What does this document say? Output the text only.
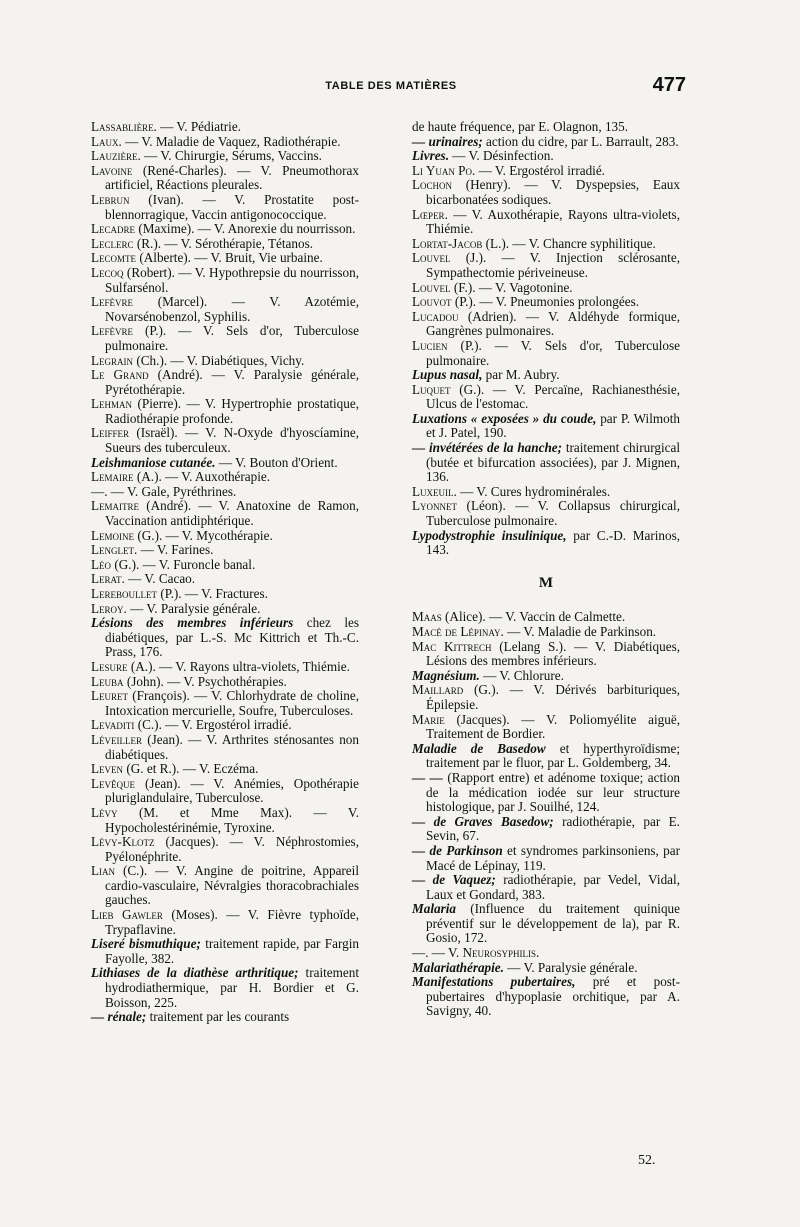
TABLE DES MATIÈRES	477

Lassablière. — V. Pédiatrie.

Laux. — V. Maladie de Vaquez, Radiothérapie.

Lauzière. — V. Chirurgie, Sérums, Vaccins.

Lavoine (René-Charles). — V. Pneumothorax artificiel, Réactions pleurales.

Lebrun (Ivan). — V. Prostatite post-blennorragique, Vaccin antigonococcique.

Lecadre (Maxime). — V. Anorexie du nourrisson.

Leclerc (R.). — V. Sérothérapie, Tétanos.

Lecomte (Alberte). — V. Bruit, Vie urbaine.

Lecoq (Robert). — V. Hypothrepsie du nourrisson, Sulfarsénol.

Lefèvre (Marcel). — V. Azotémie, Novarsénobenzol, Syphilis.

Lefèvre (P.). — V. Sels d'or, Tuberculose pulmonaire.

Legrain (Ch.). — V. Diabétiques, Vichy.

Le Grand (André). — V. Paralysie générale, Pyrétothérapie.

Lehman (Pierre). — V. Hypertrophie prostatique, Radiothérapie profonde.

Leiffer (Israël). — V. N-Oxyde d'hyoscíamine, Sueurs des tuberculeux.

Leishmaniose cutanée. — V. Bouton d'Orient.

Lemaire (A.). — V. Auxothérapie.

—. — V. Gale, Pyréthrines.

Lemaitre (André). — V. Anatoxine de Ramon, Vaccination antidiphtérique.

Lemoine (G.). — V. Mycothérapie.

Lenglet. — V. Farines.

Léo (G.). — V. Furoncle banal.

Lerat. — V. Cacao.

Lereboullet (P.). — V. Fractures.

Leroy. — V. Paralysie générale.

Lésions des membres inférieurs chez les diabétiques, par L.-S. Mc Kittrich et Th.-C. Prass, 176.

Lesure (A.). — V. Rayons ultra-violets, Thiémie.

Leuba (John). — V. Psychothérapies.

Leuret (François). — V. Chlorhydrate de choline, Intoxication mercurielle, Soufre, Tuberculoses.

Levaditi (C.). — V. Ergostérol irradié.

Léveiller (Jean). — V. Arthrites sténosantes non diabétiques.

Leven (G. et R.). — V. Eczéma.

Levêque (Jean). — V. Anémies, Opothérapie pluriglandulaire, Tuberculose.

Lévy (M. et Mme Max). — V. Hypocholestérinémie, Tyroxine.

Lévy-Klotz (Jacques). — V. Néphrostomies, Pyélonéphrite.

Lian (C.). — V. Angine de poitrine, Appareil cardio-vasculaire, Névralgies thoracobrachiales gauches.

Lieb Gawler (Moses). — V. Fièvre typhoïde, Trypaflavine.

Liseré bismuthique; traitement rapide, par Fargin Fayolle, 382.

Lithiases de la diathèse arthritique; traitement hydrodiathermique, par H. Bordier et G. Boisson, 225.

— rénale; traitement par les courants

de haute fréquence, par E. Olagnon, 135.

— urinaires; action du cidre, par L. Barrault, 283.

Livres. — V. Désinfection.

Li Yuan Po. — V. Ergostérol irradié.

Lochon (Henry). — V. Dyspepsies, Eaux bicarbonatées sodiques.

Lœper. — V. Auxothérapie, Rayons ultra-violets, Thiémie.

Lortat-Jacob (L.). — V. Chancre syphilitique.

Louvel (J.). — V. Injection sclérosante, Sympathectomie périveineuse.

Louvel (F.). — V. Vagotonine.

Louvot (P.). — V. Pneumonies prolongées.

Lucadou (Adrien). — V. Aldéhyde formique, Gangrènes pulmonaires.

Lucien (P.). — V. Sels d'or, Tuberculose pulmonaire.

Lupus nasal, par M. Aubry.

Luquet (G.). — V. Percaïne, Rachianesthésie, Ulcus de l'estomac.

Luxations « exposées » du coude, par P. Wilmoth et J. Patel, 190.

— invétérées de la hanche; traitement chirurgical (butée et bifurcation associées), par J. Mignen, 136.

Luxeuil. — V. Cures hydrominérales.

Lyonnet (Léon). — V. Collapsus chirurgical, Tuberculose pulmonaire.

Lypodystrophie insulinique, par C.-D. Marinos, 143.

M

Maas (Alice). — V. Vaccin de Calmette.

Macé de Lépinay. — V. Maladie de Parkinson.

Mac Kittrech (Lelang S.). — V. Diabétiques, Lésions des membres inférieurs.

Magnésium. — V. Chlorure.

Maillard (G.). — V. Dérivés barbituriques, Épilepsie.

Marie (Jacques). — V. Poliomyélite aiguë, Traitement de Bordier.

Maladie de Basedow et hyperthyroïdisme; traitement par le fluor, par L. Goldemberg, 34.

— — (Rapport entre) et adénome toxique; action de la médication iodée sur leur structure histologique, par J. Souilhé, 124.

— de Graves Basedow; radiothérapie, par E. Sevin, 67.

— de Parkinson et syndromes parkinsoniens, par Macé de Lépinay, 119.

— de Vaquez; radiothérapie, par Vedel, Vidal, Laux et Gondard, 383.

Malaria (Influence du traitement quinique préventif sur le développement de la), par R. Gosio, 172.

—. — V. Neurosyphilis.

Malariathérapie. — V. Paralysie générale.

Manifestations pubertaires, pré et post-pubertaires d'hypoplasie orchitique, par A. Savigny, 40.

52.
